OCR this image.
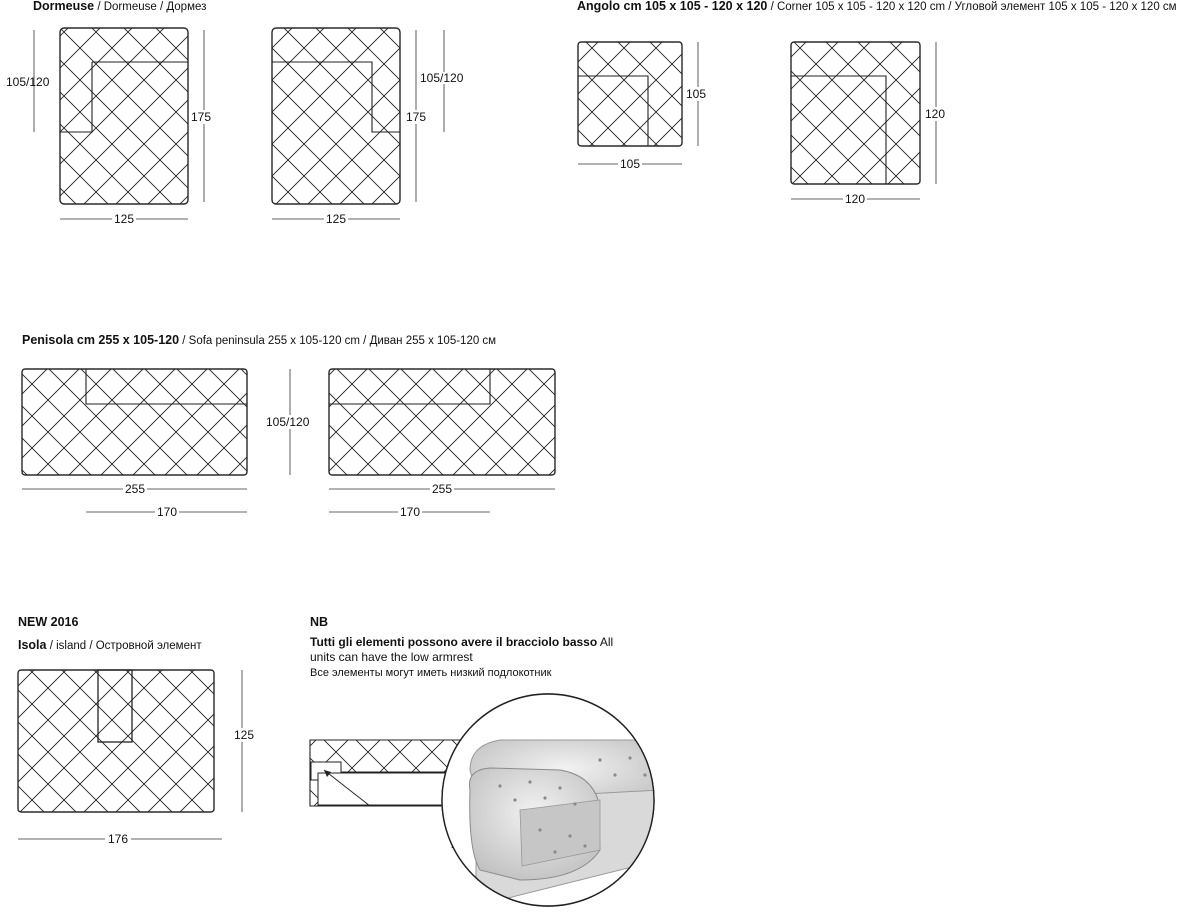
Dormeuse / Dormeuse / Дормез	Angolo cm 105 x 105 - 120 x 120 / Corner 105 x 105 - 120 x 120 cm / Угловой элемент 105 x 105 - 120 x 120 см
Penisola cm 255 x 105-120 / Sofa peninsula 255 x 105-120 cm / Диван 255 x 105-120 см
NEW 2016
Isola / island / Островной элемент
NB
Tutti gli elementi possono avere il bracciolo basso All
units can have the low armrest
Все элементы могут иметь низкий подлокотник
105/120
175
125
105/120
175
125
105
105
120
120
105/120
255
170
255
170
125
176
